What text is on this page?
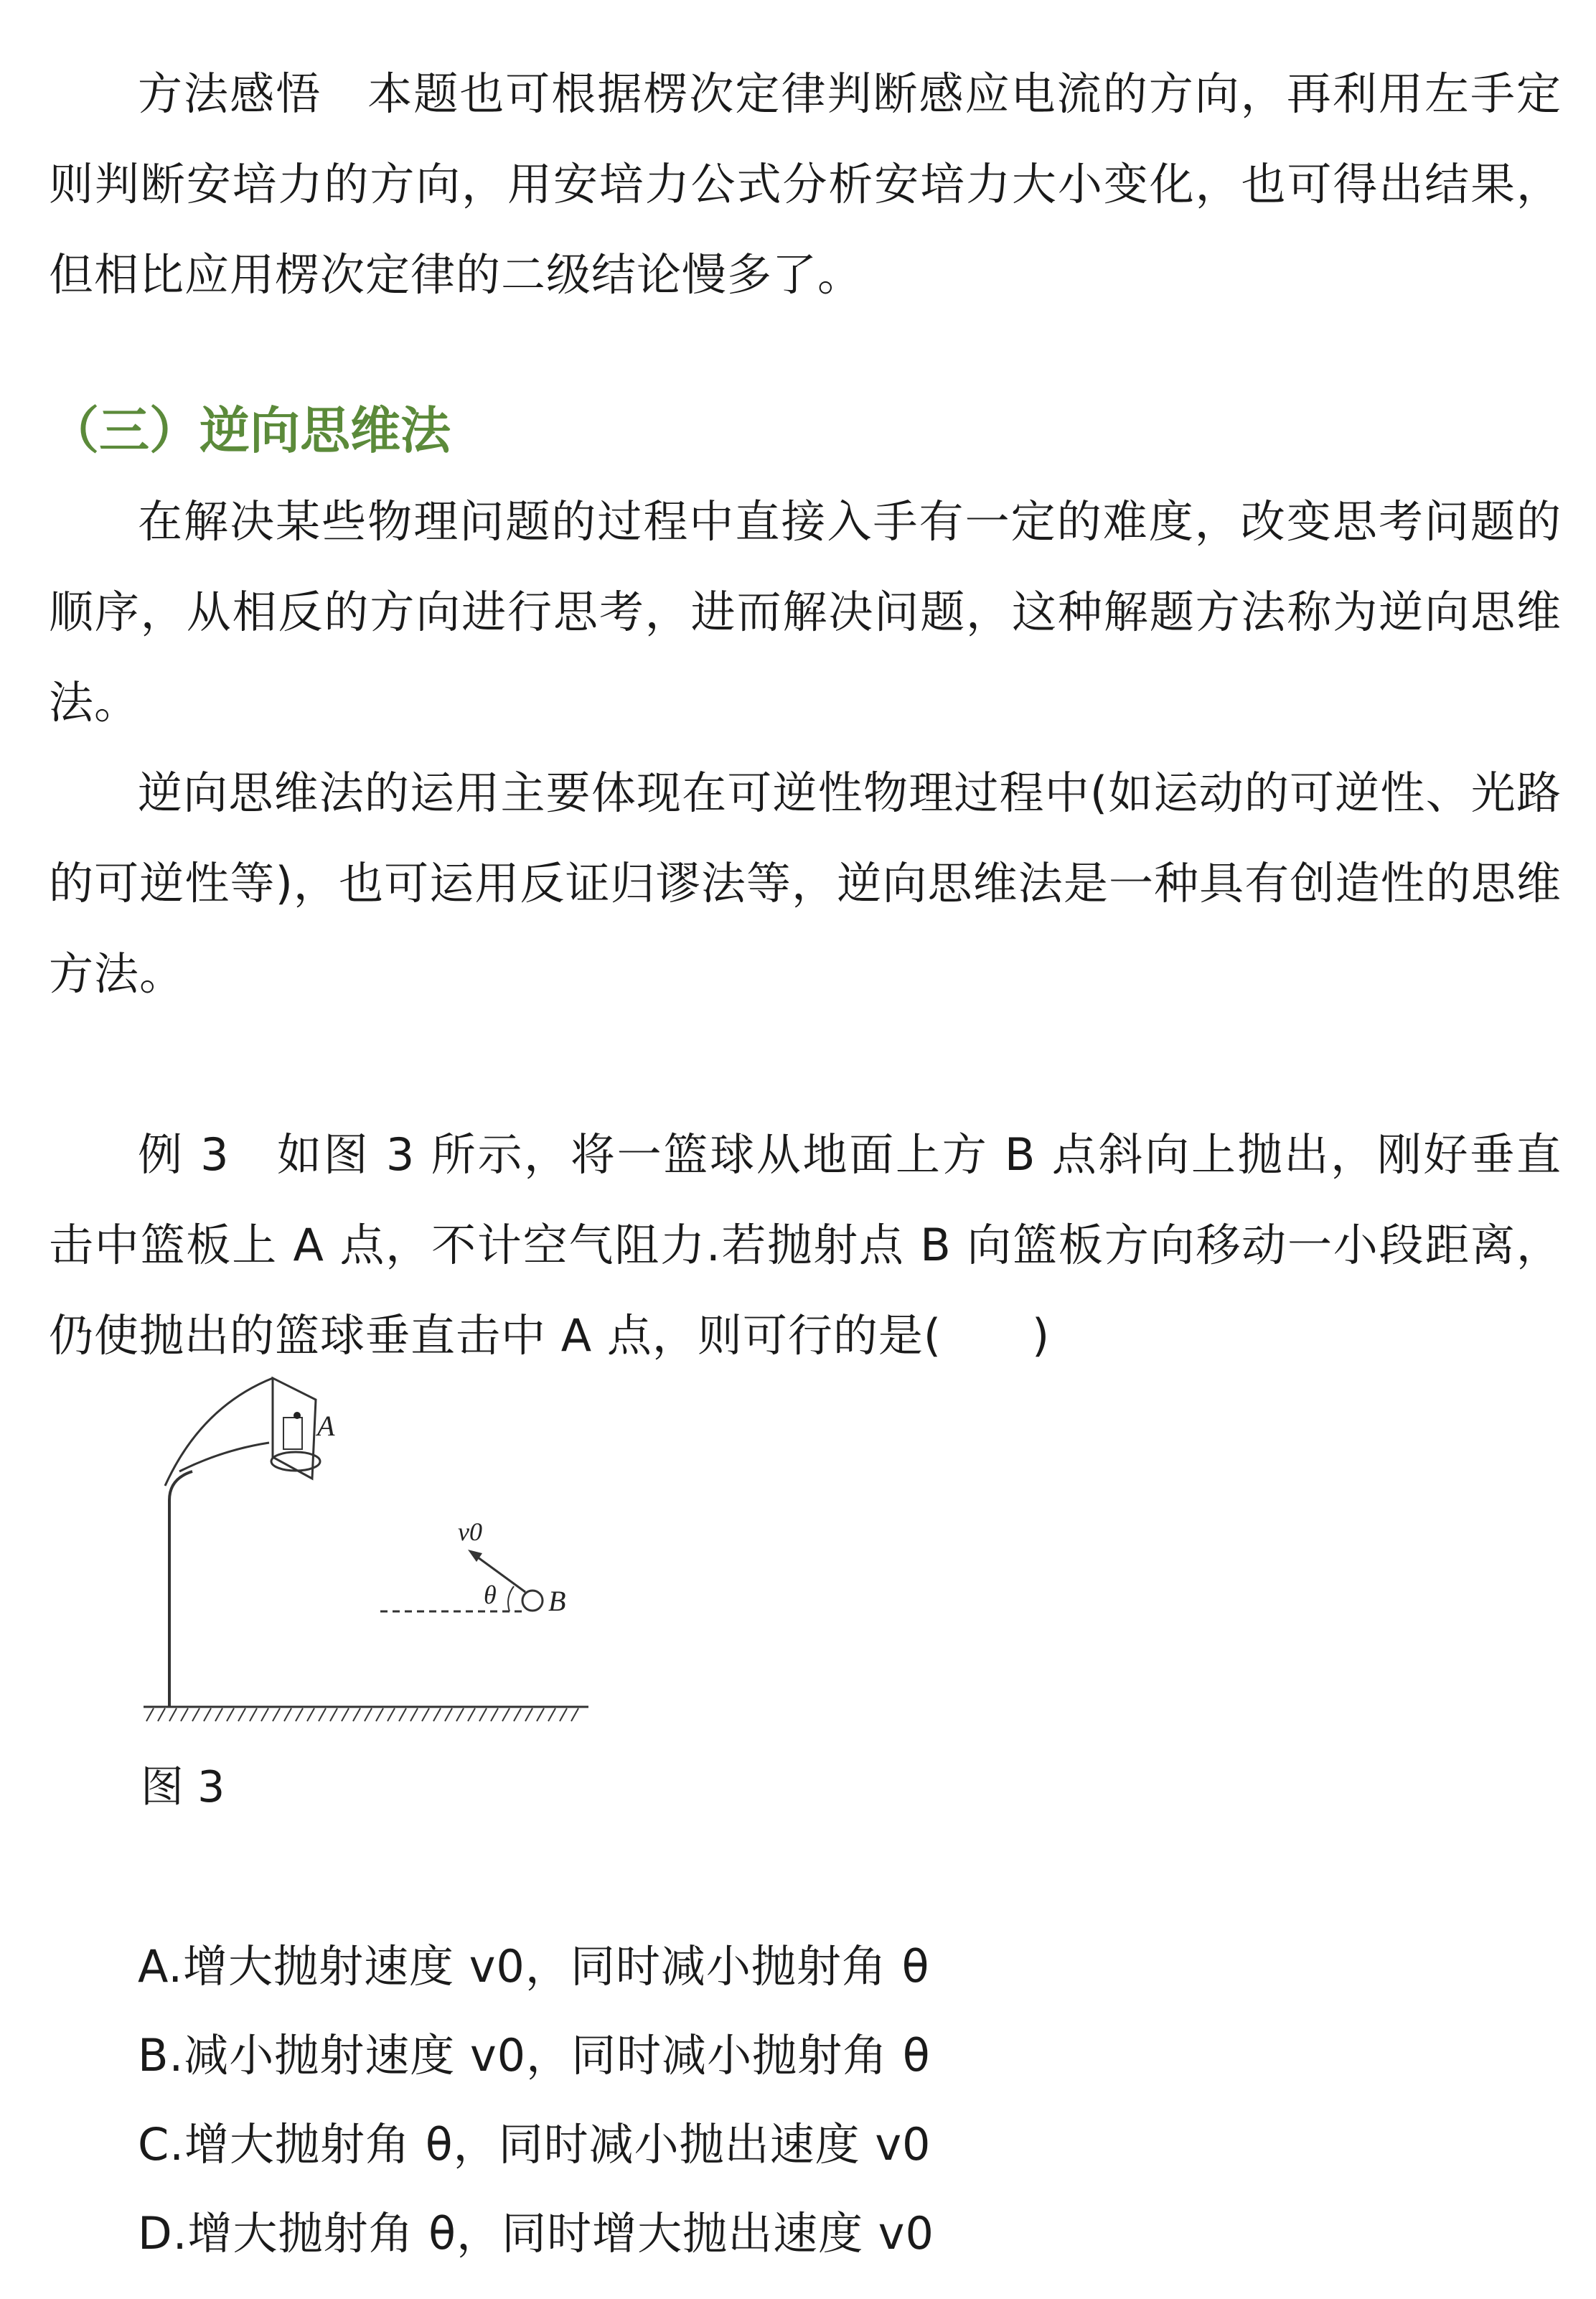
方法感悟　本题也可根据楞次定律判断感应电流的方向，再利用左手定则判断安培力的方向，用安培力公式分析安培力大小变化，也可得出结果，但相比应用楞次定律的二级结论慢多了。

（三）逆向思维法

在解决某些物理问题的过程中直接入手有一定的难度，改变思考问题的顺序，从相反的方向进行思考，进而解决问题，这种解题方法称为逆向思维法。

逆向思维法的运用主要体现在可逆性物理过程中(如运动的可逆性、光路的可逆性等)，也可运用反证归谬法等，逆向思维法是一种具有创造性的思维方法。

例 3　如图 3 所示，将一篮球从地面上方 B 点斜向上抛出，刚好垂直击中篮板上 A 点，不计空气阻力.若抛射点 B 向篮板方向移动一小段距离，仍使抛出的篮球垂直击中 A 点，则可行的是(　　)

A
B
v0
θ

图 3

A.增大抛射速度 v0，同时减小抛射角 θ

B.减小抛射速度 v0，同时减小抛射角 θ

C.增大抛射角 θ，同时减小抛出速度 v0

D.增大抛射角 θ，同时增大抛出速度 v0
